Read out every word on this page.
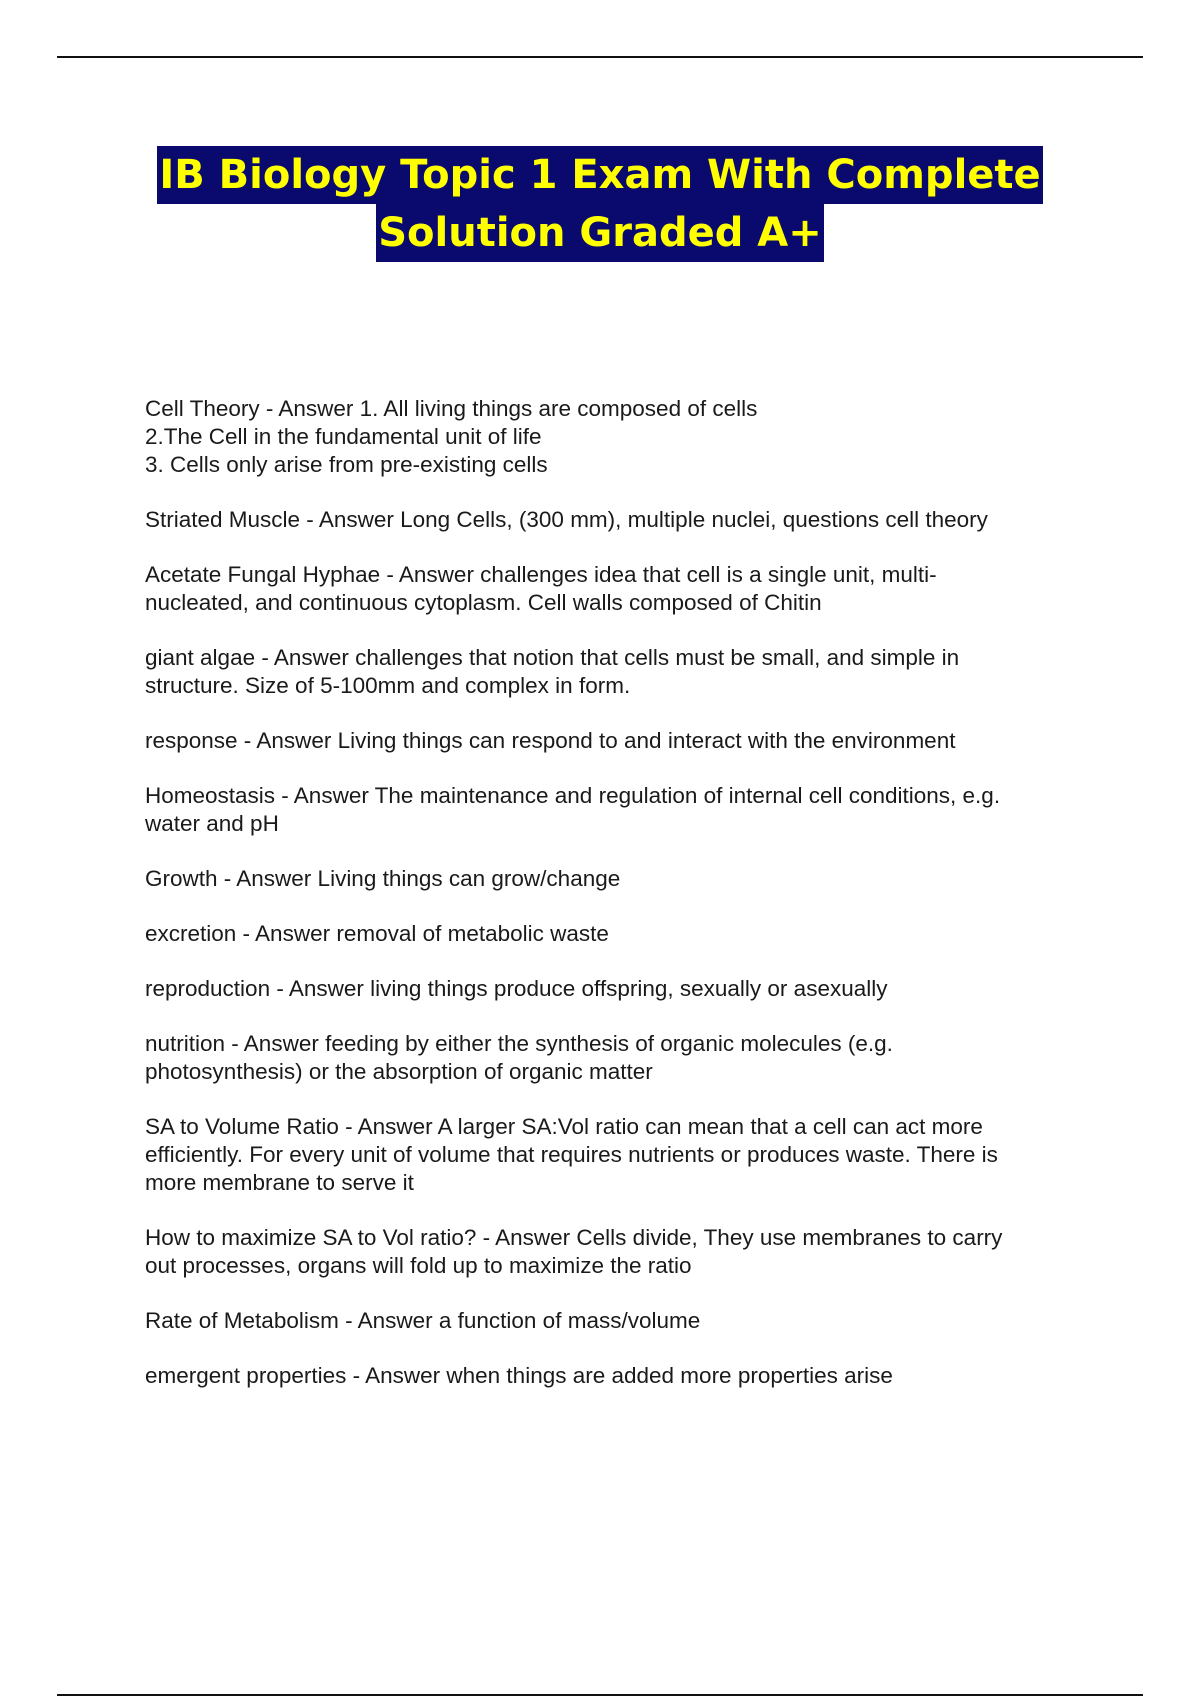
IB Biology Topic 1 Exam With Complete
Solution Graded A+
Cell Theory - Answer 1. All living things are composed of cells
2.The Cell in the fundamental unit of life
3. Cells only arise from pre-existing cells
Striated Muscle - Answer Long Cells, (300 mm), multiple nuclei, questions cell theory
Acetate Fungal Hyphae - Answer challenges idea that cell is a single unit, multi-
nucleated, and continuous cytoplasm. Cell walls composed of Chitin
giant algae - Answer challenges that notion that cells must be small, and simple in
structure. Size of 5-100mm and complex in form.
response - Answer Living things can respond to and interact with the environment
Homeostasis - Answer The maintenance and regulation of internal cell conditions, e.g.
water and pH
Growth - Answer Living things can grow/change
excretion - Answer removal of metabolic waste
reproduction - Answer living things produce offspring, sexually or asexually
nutrition - Answer feeding by either the synthesis of organic molecules (e.g.
photosynthesis) or the absorption of organic matter
SA to Volume Ratio - Answer A larger SA:Vol ratio can mean that a cell can act more
efficiently. For every unit of volume that requires nutrients or produces waste. There is
more membrane to serve it
How to maximize SA to Vol ratio? - Answer Cells divide, They use membranes to carry
out processes, organs will fold up to maximize the ratio
Rate of Metabolism - Answer a function of mass/volume
emergent properties - Answer when things are added more properties arise
